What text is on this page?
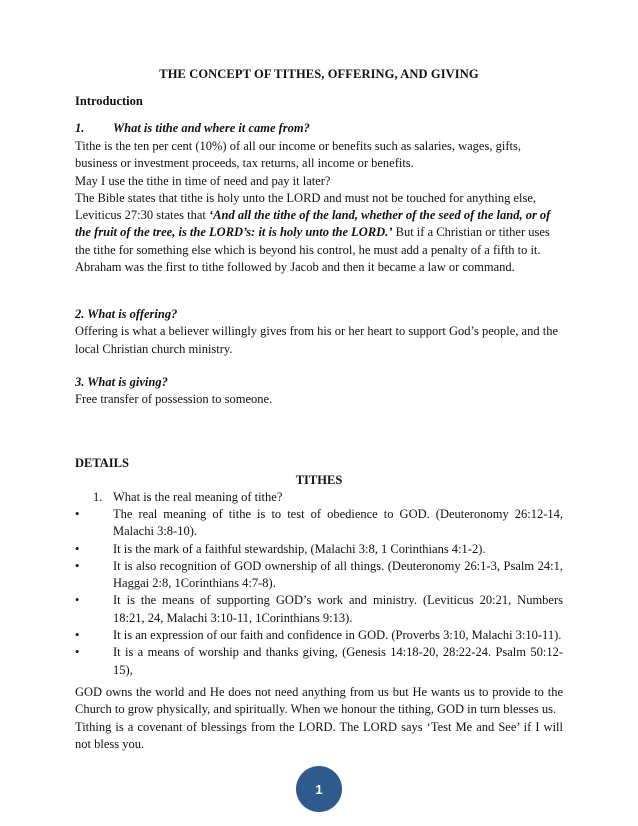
THE CONCEPT OF TITHES, OFFERING, AND GIVING
Introduction
1. What is tithe and where it came from?

Tithe is the ten per cent (10%) of all our income or benefits such as salaries, wages, gifts, business or investment proceeds, tax returns, all income or benefits.

May I use the tithe in time of need and pay it later?

The Bible states that tithe is holy unto the LORD and must not be touched for anything else, Leviticus 27:30 states that ‘And all the tithe of the land, whether of the seed of the land, or of the fruit of the tree, is the LORD’s: it is holy unto the LORD.’ But if a Christian or tither uses the tithe for something else which is beyond his control, he must add a penalty of a fifth to it. Abraham was the first to tithe followed by Jacob and then it became a law or command.

2. What is offering?

Offering is what a believer willingly gives from his or her heart to support God’s people, and the local Christian church ministry.

3. What is giving?

Free transfer of possession to someone.

DETAILS
TITHES
1. What is the real meaning of tithe?
•	The real meaning of tithe is to test of obedience to GOD. (Deuteronomy 26:12-14, Malachi 3:8-10).
•	It is the mark of a faithful stewardship, (Malachi 3:8, 1 Corinthians 4:1-2).
•	It is also recognition of GOD ownership of all things. (Deuteronomy 26:1-3, Psalm 24:1, Haggai 2:8, 1Corinthians 4:7-8).
•	It is the means of supporting GOD’s work and ministry. (Leviticus 20:21, Numbers 18:21, 24, Malachi 3:10-11, 1Corinthians 9:13).
•	It is an expression of our faith and confidence in GOD. (Proverbs 3:10, Malachi 3:10-11).
•	It is a means of worship and thanks giving, (Genesis 14:18-20, 28:22-24. Psalm 50:12-15),

GOD owns the world and He does not need anything from us but He wants us to provide to the Church to grow physically, and spiritually. When we honour the tithing, GOD in turn blesses us.

Tithing is a covenant of blessings from the LORD. The LORD says ‘Test Me and See’ if I will not bless you.

1
